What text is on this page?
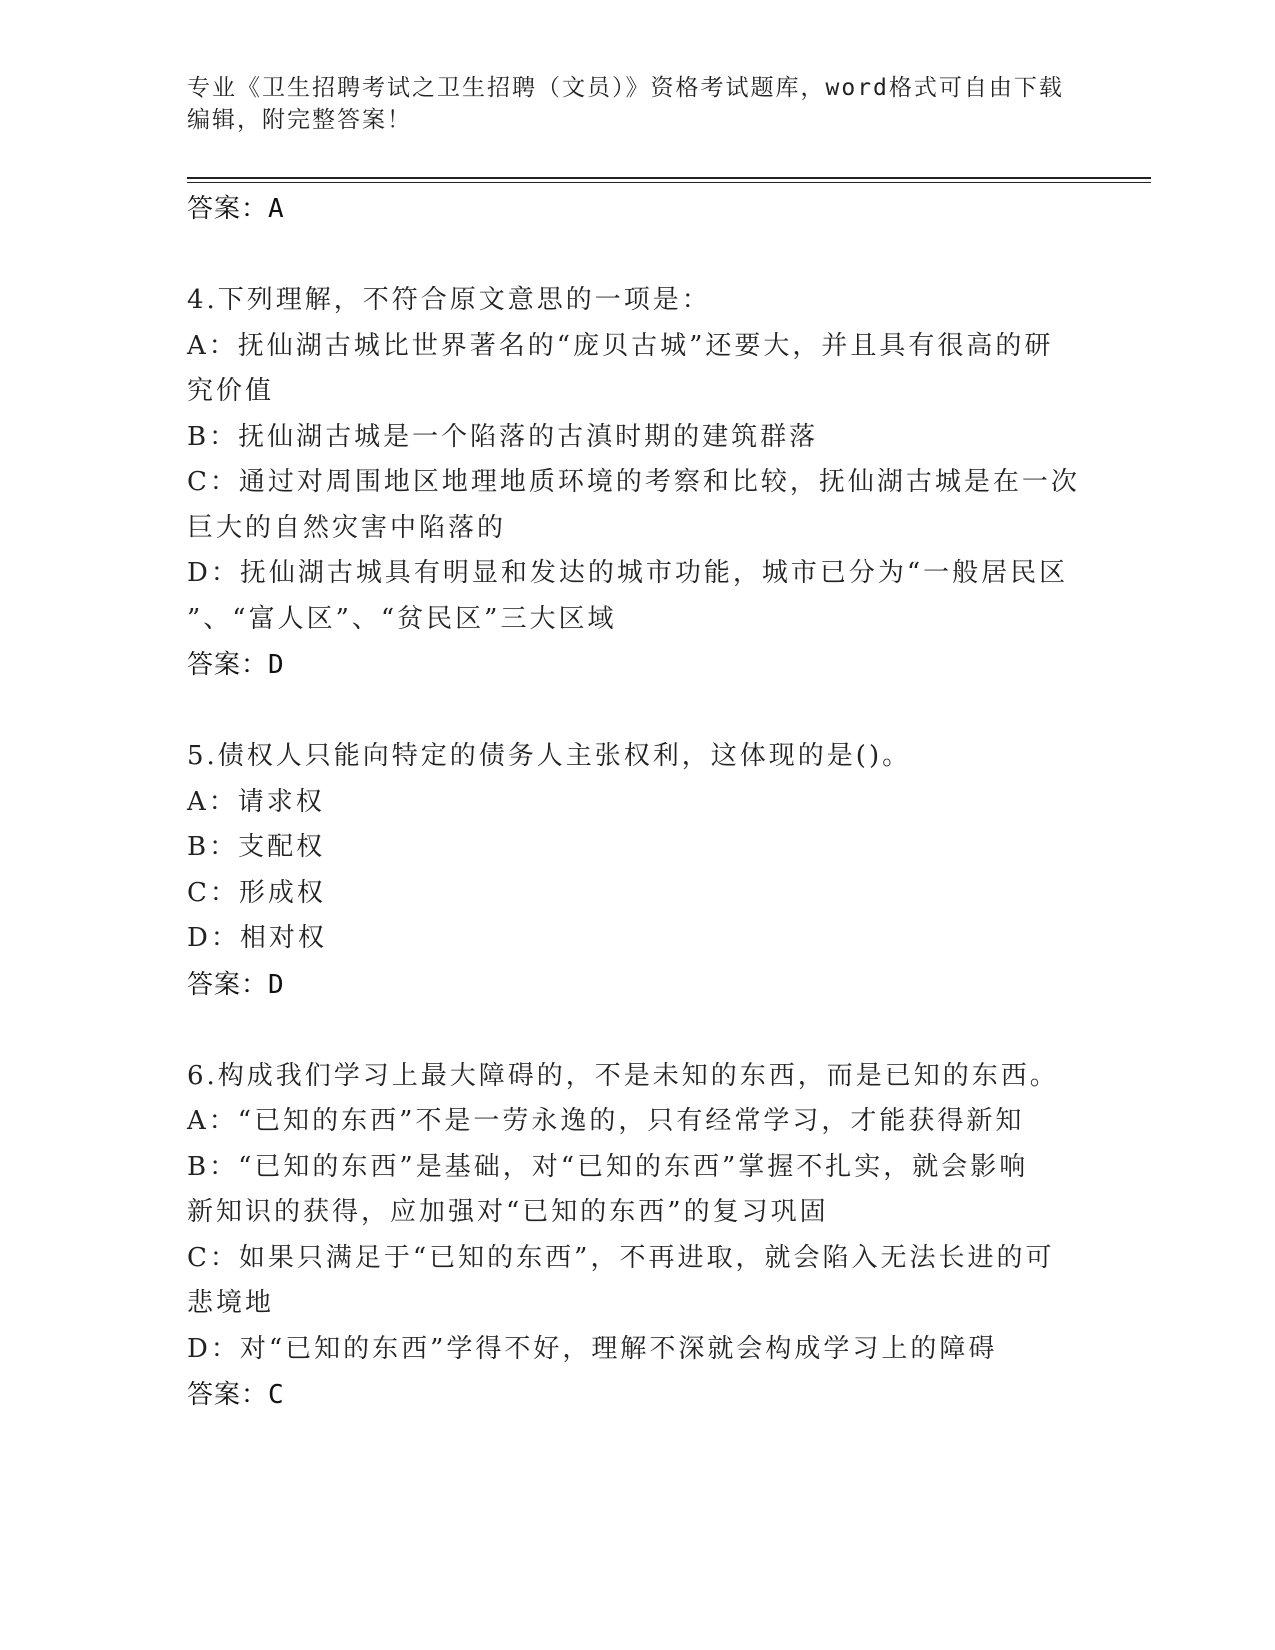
专业《卫生招聘考试之卫生招聘（文员）》资格考试题库，word格式可自由下载
编辑，附完整答案！
答案：A
4.下列理解，不符合原文意思的一项是：
A：抚仙湖古城比世界著名的“庞贝古城”还要大，并且具有很高的研
究价值
B：抚仙湖古城是一个陷落的古滇时期的建筑群落
C：通过对周围地区地理地质环境的考察和比较，抚仙湖古城是在一次
巨大的自然灾害中陷落的
D：抚仙湖古城具有明显和发达的城市功能，城市已分为“一般居民区
”、“富人区”、“贫民区”三大区域
答案：D
5.债权人只能向特定的债务人主张权利，这体现的是()。
A：请求权
B：支配权
C：形成权
D：相对权
答案：D
6.构成我们学习上最大障碍的，不是未知的东西，而是已知的东西。
A：“已知的东西”不是一劳永逸的，只有经常学习，才能获得新知
B：“已知的东西”是基础，对“已知的东西”掌握不扎实，就会影响
新知识的获得，应加强对“已知的东西”的复习巩固
C：如果只满足于“已知的东西”，不再进取，就会陷入无法长进的可
悲境地
D：对“已知的东西”学得不好，理解不深就会构成学习上的障碍
答案：C
